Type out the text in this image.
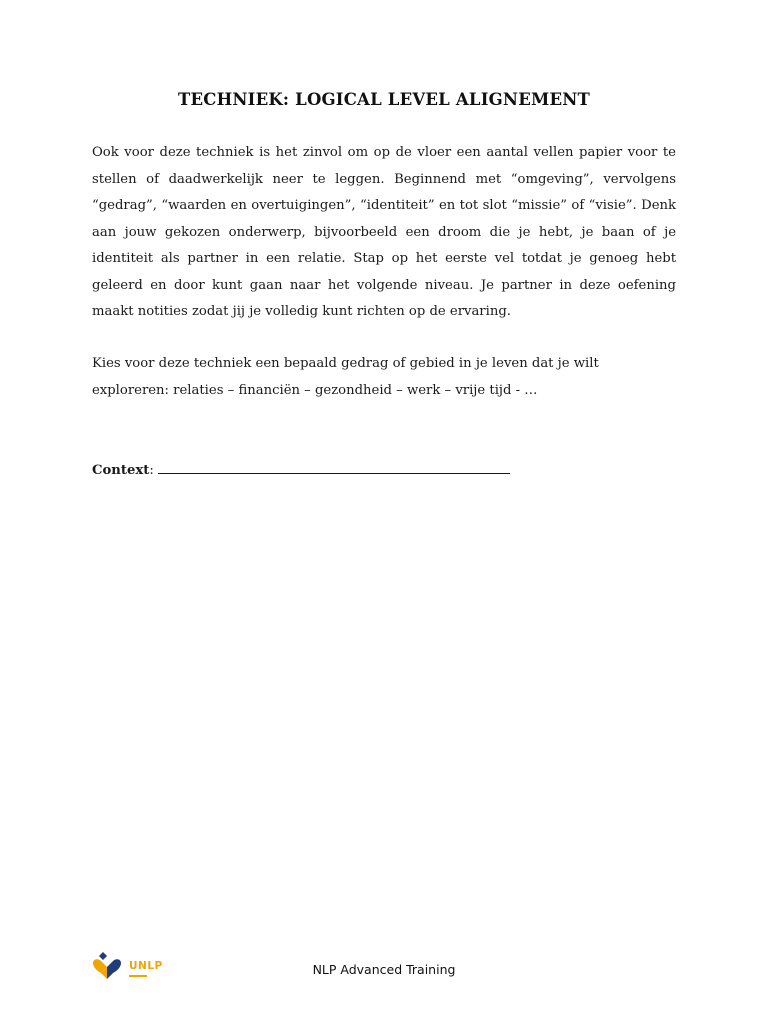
TECHNIEK: LOGICAL LEVEL ALIGNEMENT

Ook voor deze techniek is het zinvol om op de vloer een aantal vellen papier voor te stellen of daadwerkelijk neer te leggen. Beginnend met “omgeving”, vervolgens “gedrag”, “waarden en overtuigingen”, “identiteit” en tot slot “missie” of “visie”. Denk aan jouw gekozen onderwerp, bijvoorbeeld een droom die je hebt, je baan of je identiteit als partner in een relatie. Stap op het eerste vel totdat je genoeg hebt geleerd en door kunt gaan naar het volgende niveau. Je partner in deze oefening maakt notities zodat jij je volledig kunt richten op de ervaring.

Kies voor deze techniek een bepaald gedrag of gebied in je leven dat je wilt
exploreren: relaties – financiën – gezondheid – werk – vrije tijd - …

Context:
UNLP	NLP Advanced Training
